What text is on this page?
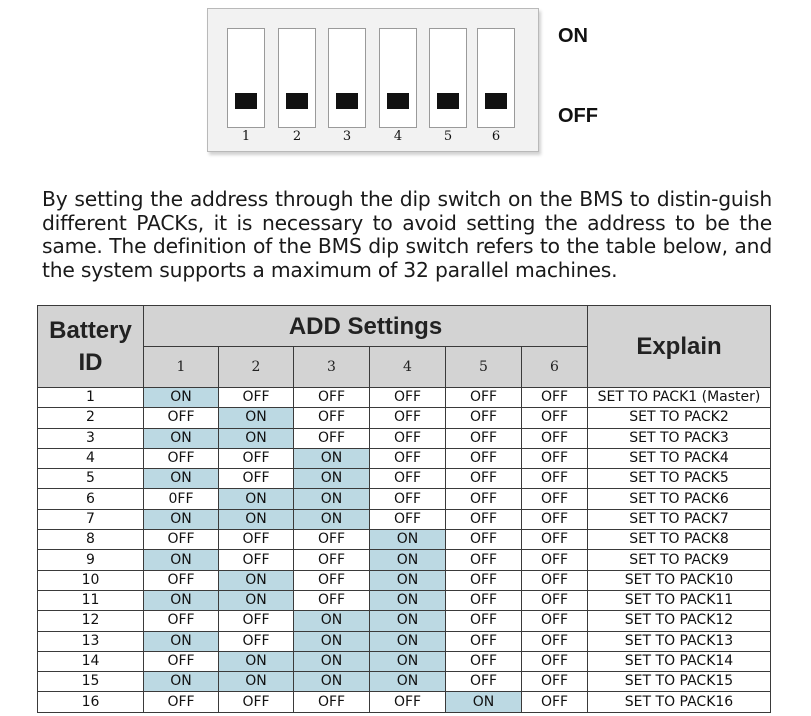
1	2	3	4	5	6
ON
OFF
By setting the address through the dip switch on the BMS to distin-guish different PACKs, it is necessary to avoid setting the address to be the same. The definition of the BMS dip switch refers to the table below, and the system supports a maximum of 32 parallel machines.
Battery ID	ADD Settings						Explain
	1	2	3	4	5	6	
1	ON	OFF	OFF	OFF	OFF	OFF	SET TO PACK1 (Master)
2	OFF	ON	OFF	OFF	OFF	OFF	SET TO PACK2
3	ON	ON	OFF	OFF	OFF	OFF	SET TO PACK3
4	OFF	OFF	ON	OFF	OFF	OFF	SET TO PACK4
5	ON	OFF	ON	OFF	OFF	OFF	SET TO PACK5
6	0FF	ON	ON	OFF	OFF	OFF	SET TO PACK6
7	ON	ON	ON	OFF	OFF	OFF	SET TO PACK7
8	OFF	OFF	OFF	ON	OFF	OFF	SET TO PACK8
9	ON	OFF	OFF	ON	OFF	OFF	SET TO PACK9
10	OFF	ON	OFF	ON	OFF	OFF	SET TO PACK10
11	ON	ON	OFF	ON	OFF	OFF	SET TO PACK11
12	OFF	OFF	ON	ON	OFF	OFF	SET TO PACK12
13	ON	OFF	ON	ON	OFF	OFF	SET TO PACK13
14	OFF	ON	ON	ON	OFF	OFF	SET TO PACK14
15	ON	ON	ON	ON	OFF	OFF	SET TO PACK15
16	OFF	OFF	OFF	OFF	ON	OFF	SET TO PACK16
